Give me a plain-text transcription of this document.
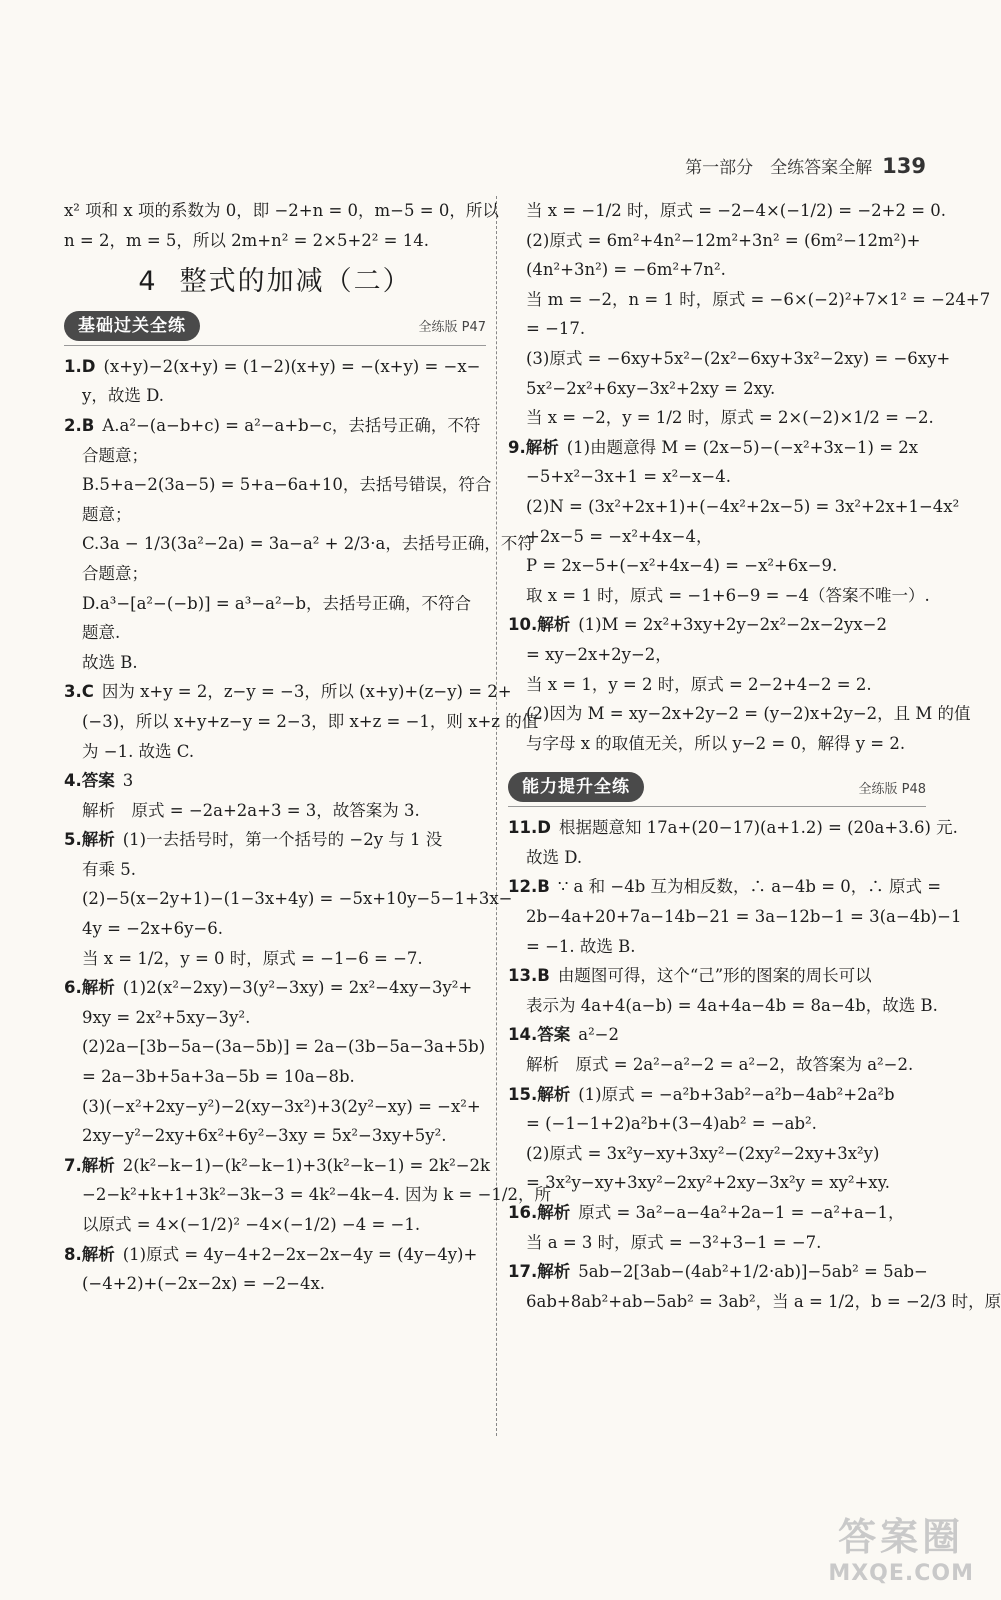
第一部分　全练答案全解 139
x² 项和 x 项的系数为 0，即 −2+n = 0，m−5 = 0，所以
n = 2，m = 5，所以 2m+n² = 2×5+2² = 14.
4 整式的加减（二）
基础过关全练	全练版 P47
1.D (x+y)−2(x+y) = (1−2)(x+y) = −(x+y) = −x−
y，故选 D.
2.B A.a²−(a−b+c) = a²−a+b−c，去括号正确，不符
合题意；
B.5+a−2(3a−5) = 5+a−6a+10，去括号错误，符合
题意；
C.3a − 1/3(3a²−2a) = 3a−a² + 2/3·a，去括号正确，不符
合题意；
D.a³−[a²−(−b)] = a³−a²−b，去括号正确，不符合
题意.
故选 B.
3.C 因为 x+y = 2，z−y = −3，所以 (x+y)+(z−y) = 2+
(−3)，所以 x+y+z−y = 2−3，即 x+z = −1，则 x+z 的值
为 −1. 故选 C.
4.答案 3
解析　原式 = −2a+2a+3 = 3，故答案为 3.
5.解析 (1)一去括号时，第一个括号的 −2y 与 1 没
有乘 5.
(2)−5(x−2y+1)−(1−3x+4y) = −5x+10y−5−1+3x−
4y = −2x+6y−6.
当 x = 1/2，y = 0 时，原式 = −1−6 = −7.
6.解析 (1)2(x²−2xy)−3(y²−3xy) = 2x²−4xy−3y²+
9xy = 2x²+5xy−3y².
(2)2a−[3b−5a−(3a−5b)] = 2a−(3b−5a−3a+5b)
= 2a−3b+5a+3a−5b = 10a−8b.
(3)(−x²+2xy−y²)−2(xy−3x²)+3(2y²−xy) = −x²+
2xy−y²−2xy+6x²+6y²−3xy = 5x²−3xy+5y².
7.解析 2(k²−k−1)−(k²−k−1)+3(k²−k−1) = 2k²−2k
−2−k²+k+1+3k²−3k−3 = 4k²−4k−4. 因为 k = −1/2，所
以原式 = 4×(−1/2)² −4×(−1/2) −4 = −1.
8.解析 (1)原式 = 4y−4+2−2x−2x−4y = (4y−4y)+
(−4+2)+(−2x−2x) = −2−4x.
当 x = −1/2 时，原式 = −2−4×(−1/2) = −2+2 = 0.
(2)原式 = 6m²+4n²−12m²+3n² = (6m²−12m²)+
(4n²+3n²) = −6m²+7n².
当 m = −2，n = 1 时，原式 = −6×(−2)²+7×1² = −24+7
= −17.
(3)原式 = −6xy+5x²−(2x²−6xy+3x²−2xy) = −6xy+
5x²−2x²+6xy−3x²+2xy = 2xy.
当 x = −2，y = 1/2 时，原式 = 2×(−2)×1/2 = −2.
9.解析 (1)由题意得 M = (2x−5)−(−x²+3x−1) = 2x
−5+x²−3x+1 = x²−x−4.
(2)N = (3x²+2x+1)+(−4x²+2x−5) = 3x²+2x+1−4x²
+2x−5 = −x²+4x−4，
P = 2x−5+(−x²+4x−4) = −x²+6x−9.
取 x = 1 时，原式 = −1+6−9 = −4（答案不唯一）.
10.解析 (1)M = 2x²+3xy+2y−2x²−2x−2yx−2
= xy−2x+2y−2，
当 x = 1，y = 2 时，原式 = 2−2+4−2 = 2.
(2)因为 M = xy−2x+2y−2 = (y−2)x+2y−2，且 M 的值
与字母 x 的取值无关，所以 y−2 = 0，解得 y = 2.
能力提升全练	全练版 P48
11.D 根据题意知 17a+(20−17)(a+1.2) = (20a+3.6) 元.
故选 D.
12.B ∵ a 和 −4b 互为相反数，∴ a−4b = 0，∴ 原式 =
2b−4a+20+7a−14b−21 = 3a−12b−1 = 3(a−4b)−1
= −1. 故选 B.
13.B 由题图可得，这个“己”形的图案的周长可以
表示为 4a+4(a−b) = 4a+4a−4b = 8a−4b，故选 B.
14.答案 a²−2
解析　原式 = 2a²−a²−2 = a²−2，故答案为 a²−2.
15.解析 (1)原式 = −a²b+3ab²−a²b−4ab²+2a²b
= (−1−1+2)a²b+(3−4)ab² = −ab².
(2)原式 = 3x²y−xy+3xy²−(2xy²−2xy+3x²y)
= 3x²y−xy+3xy²−2xy²+2xy−3x²y = xy²+xy.
16.解析 原式 = 3a²−a−4a²+2a−1 = −a²+a−1，
当 a = 3 时，原式 = −3²+3−1 = −7.
17.解析 5ab−2[3ab−(4ab²+1/2·ab)]−5ab² = 5ab−
6ab+8ab²+ab−5ab² = 3ab²，当 a = 1/2，b = −2/3 时，原
答案圈
MXQE.COM
